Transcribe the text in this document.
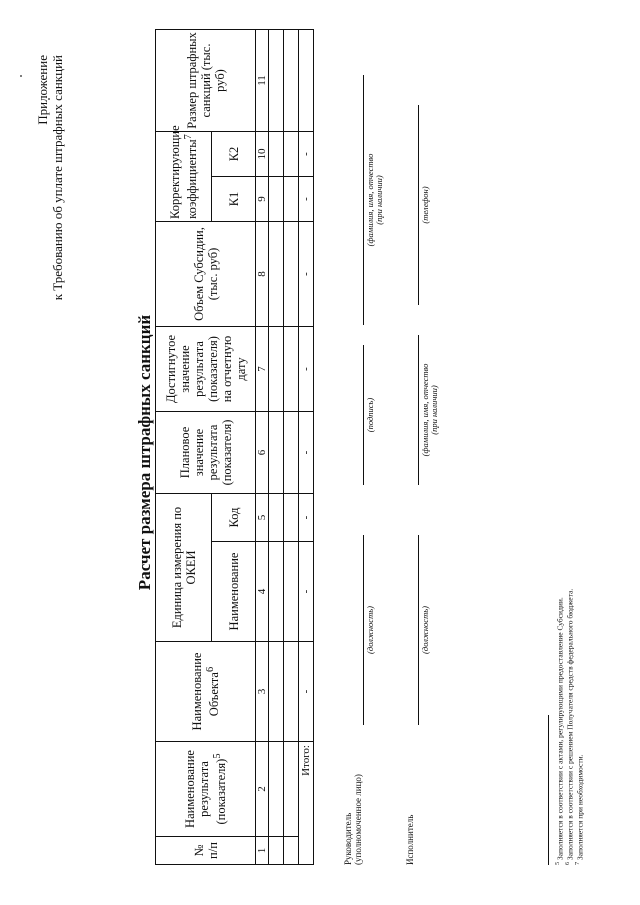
Приложение к Требованию об уплате штрафных санкций
Расчет размера штрафных санкций
№
п/п	Наименование результата (показателя)$^5$	Наименование Объекта$^6$	Единица измерения по ОКЕИ		Плановое значение результата (показателя)	Достигнутое значение результата (показателя) на отчетную дату	Объем Субсидии, (тыс. руб)	Корректирующие коэффициенты$^7$		Размер штрафных санкций (тыс. руб)
			Наименование	Код				К1	К2	
1	2	3	4	5	6	7	8	9	10	11

Итого:		-	-	-	-	-	-	-	-	
Руководитель (уполномоченное лицо)
(должность)
(подпись)
(фамилия, имя, отчество (при наличии)
Исполнитель
(должность)
(фамилия, имя, отчество (при наличии)
(телефон)
$^5$ Заполняется в соответствии с актами, регулирующими предоставление Субсидии.
$^6$ Заполняется в соответствии с решением Получателя средств федерального бюджета.
$^7$ Заполняется при необходимости.
